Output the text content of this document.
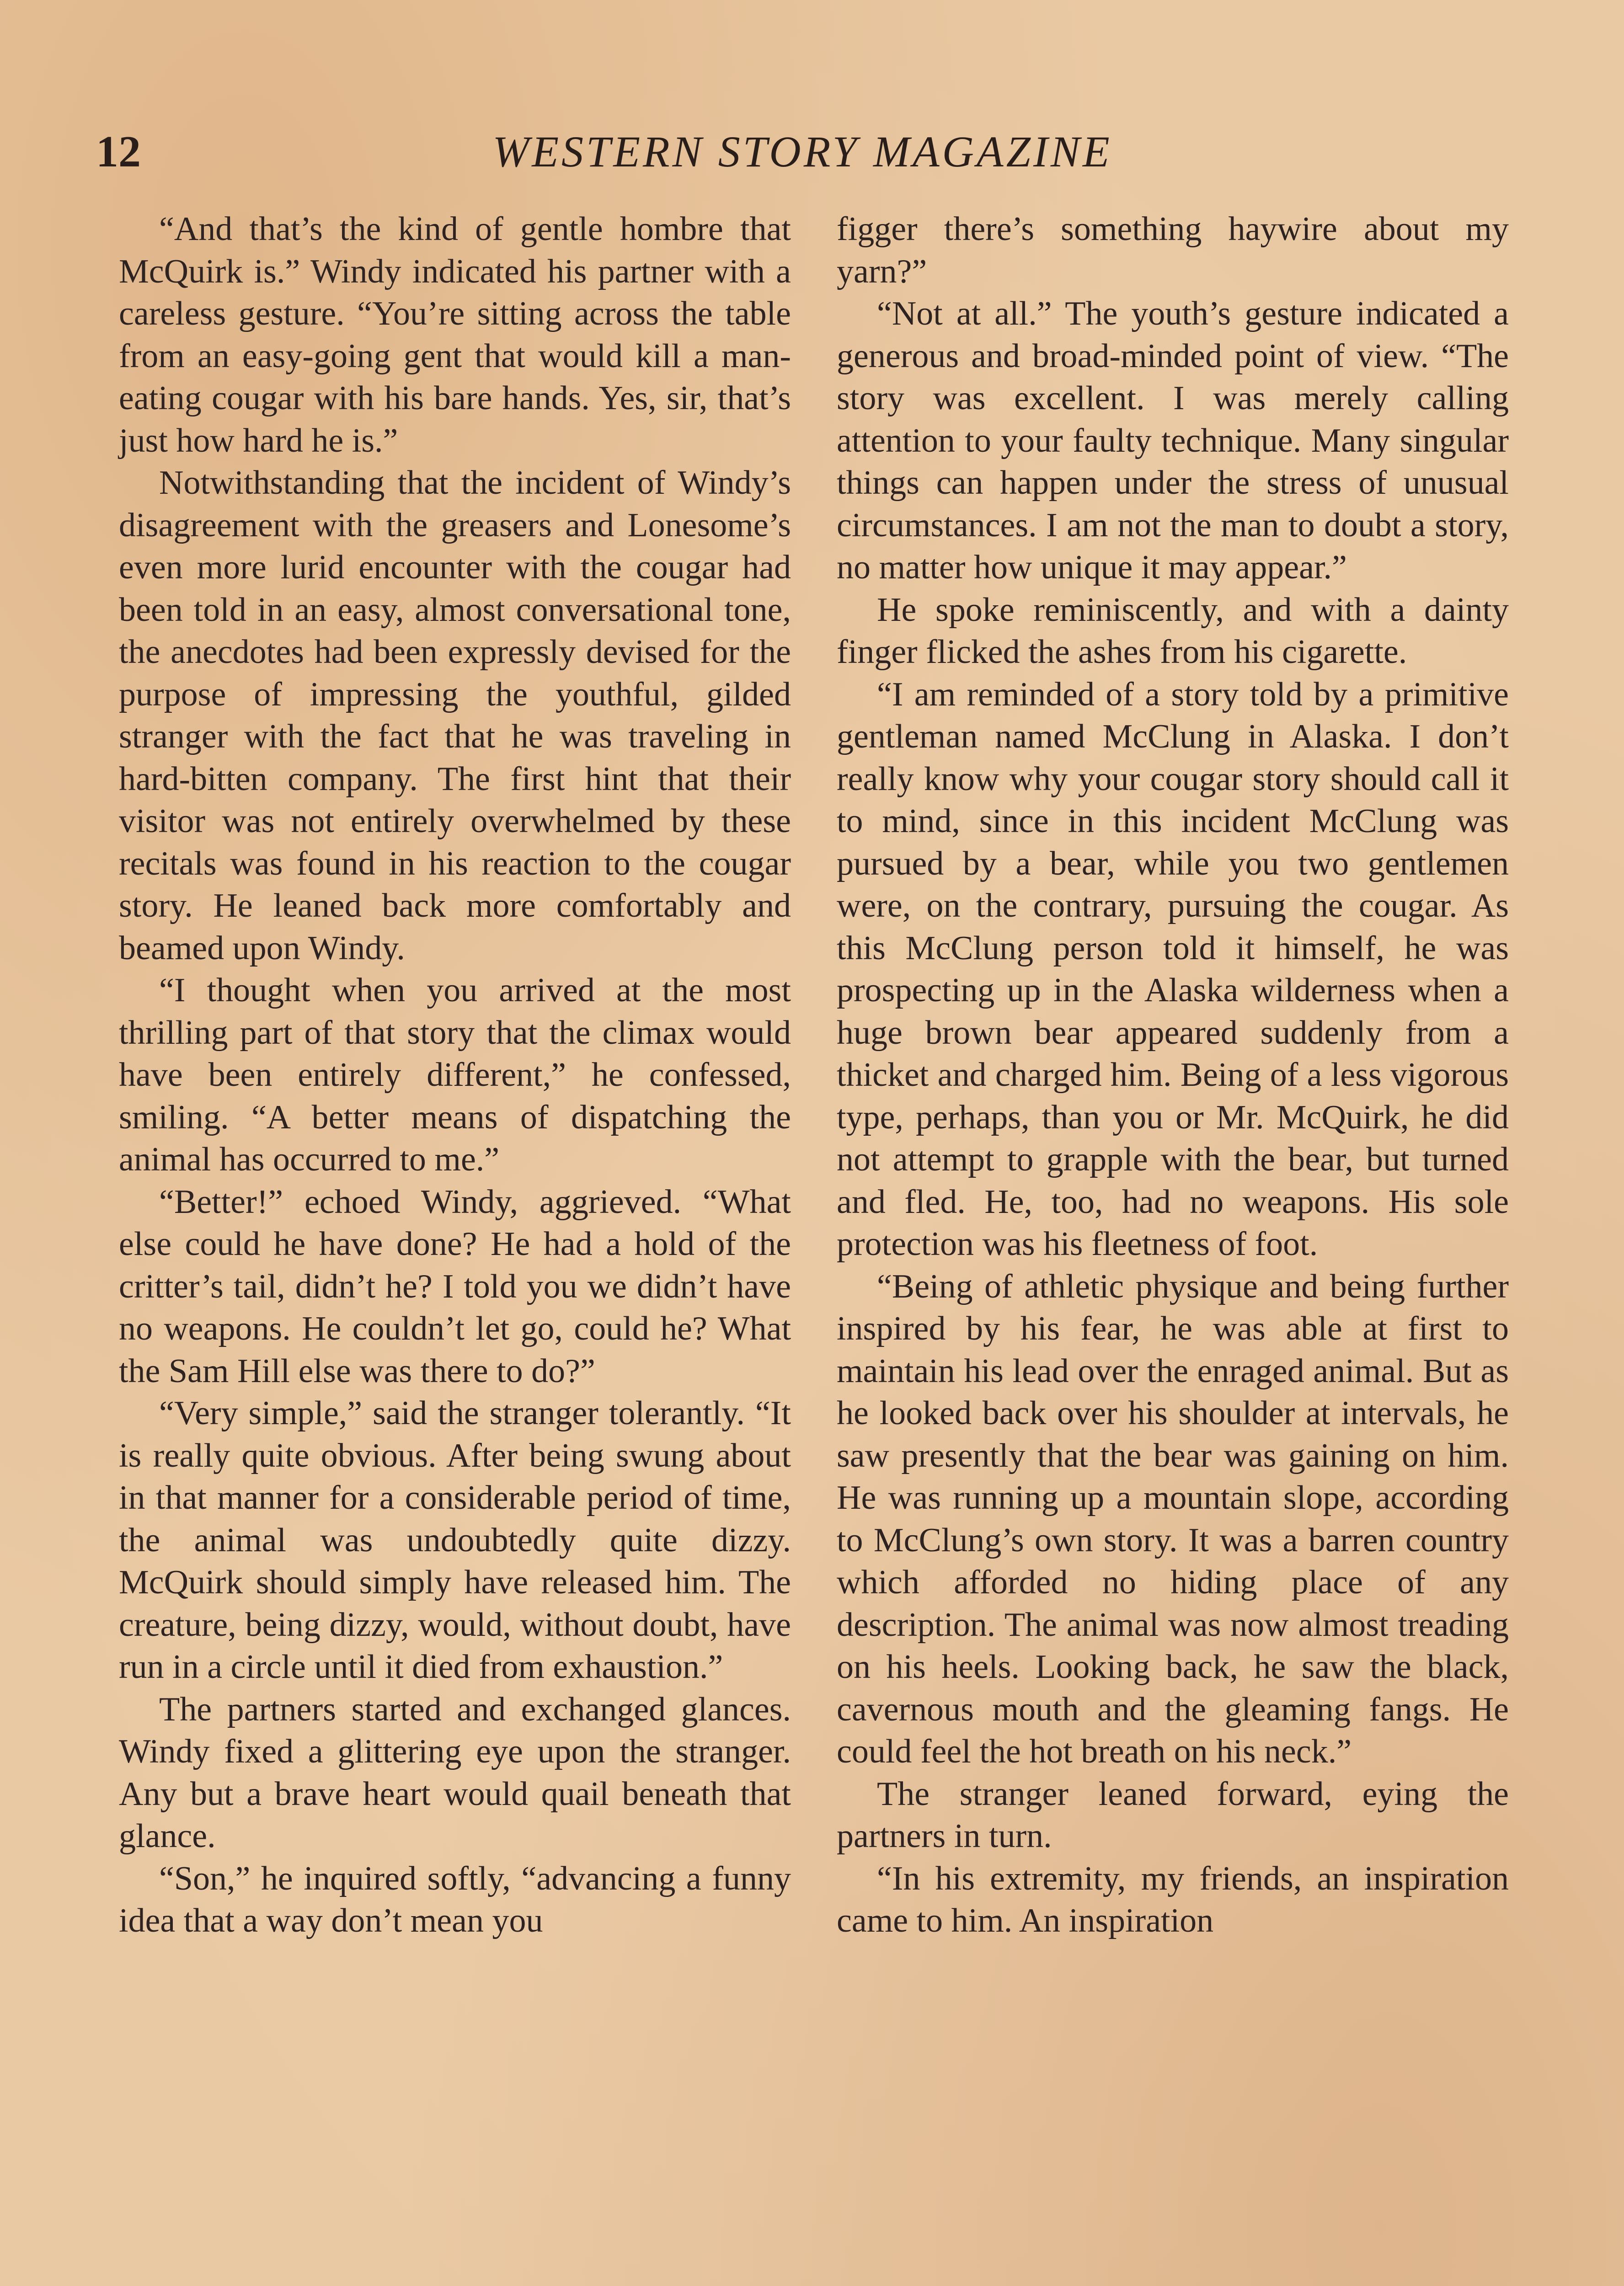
12	WESTERN STORY MAGAZINE

“And that’s the kind of gentle hombre that McQuirk is.” Windy indicated his partner with a careless gesture. “You’re sitting across the table from an easy-going gent that would kill a man-eating cougar with his bare hands. Yes, sir, that’s just how hard he is.”

Notwithstanding that the incident of Windy’s disagreement with the greasers and Lonesome’s even more lurid encounter with the cougar had been told in an easy, almost conversational tone, the anecdotes had been expressly devised for the purpose of impressing the youthful, gilded stranger with the fact that he was traveling in hard-bitten company. The first hint that their visitor was not entirely overwhelmed by these recitals was found in his reaction to the cougar story. He leaned back more comfortably and beamed upon Windy.

“I thought when you arrived at the most thrilling part of that story that the climax would have been entirely different,” he confessed, smiling. “A better means of dispatching the animal has occurred to me.”

“Better!” echoed Windy, aggrieved. “What else could he have done? He had a hold of the critter’s tail, didn’t he? I told you we didn’t have no weapons. He couldn’t let go, could he? What the Sam Hill else was there to do?”

“Very simple,” said the stranger tolerantly. “It is really quite obvious. After being swung about in that manner for a considerable period of time, the animal was undoubtedly quite dizzy. McQuirk should simply have released him. The creature, being dizzy, would, without doubt, have run in a circle until it died from exhaustion.”

The partners started and exchanged glances. Windy fixed a glittering eye upon the stranger. Any but a brave heart would quail beneath that glance.

“Son,” he inquired softly, “advancing a funny idea that a way don’t mean you

figger there’s something haywire about my yarn?”

“Not at all.” The youth’s gesture indicated a generous and broad-minded point of view. “The story was excellent. I was merely calling attention to your faulty technique. Many singular things can happen under the stress of unusual circumstances. I am not the man to doubt a story, no matter how unique it may appear.”

He spoke reminiscently, and with a dainty finger flicked the ashes from his cigarette.

“I am reminded of a story told by a primitive gentleman named McClung in Alaska. I don’t really know why your cougar story should call it to mind, since in this incident McClung was pursued by a bear, while you two gentlemen were, on the contrary, pursuing the cougar. As this McClung person told it himself, he was prospecting up in the Alaska wilderness when a huge brown bear appeared suddenly from a thicket and charged him. Being of a less vigorous type, perhaps, than you or Mr. McQuirk, he did not attempt to grapple with the bear, but turned and fled. He, too, had no weapons. His sole protection was his fleetness of foot.

“Being of athletic physique and being further inspired by his fear, he was able at first to maintain his lead over the enraged animal. But as he looked back over his shoulder at intervals, he saw presently that the bear was gaining on him. He was running up a mountain slope, according to McClung’s own story. It was a barren country which afforded no hiding place of any description. The animal was now almost treading on his heels. Looking back, he saw the black, cavernous mouth and the gleaming fangs. He could feel the hot breath on his neck.”

The stranger leaned forward, eying the partners in turn.

“In his extremity, my friends, an inspiration came to him. An inspiration
